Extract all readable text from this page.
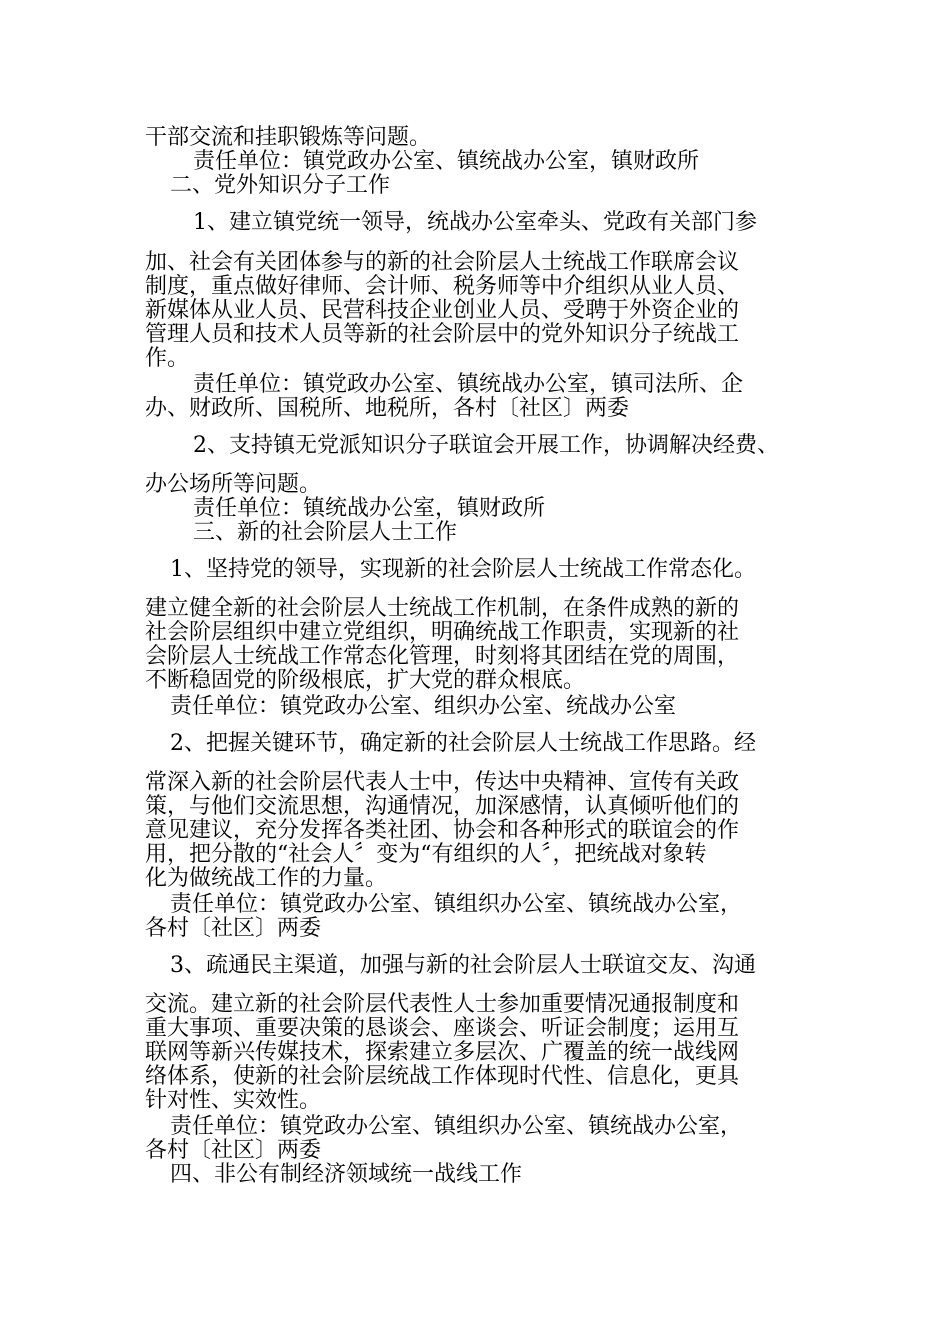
干部交流和挂职锻炼等问题。

责任单位：镇党政办公室、镇统战办公室，镇财政所

二、党外知识分子工作

1、建立镇党统一领导，统战办公室牵头、党政有关部门参

加、社会有关团体参与的新的社会阶层人士统战工作联席会议

制度，重点做好律师、会计师、税务师等中介组织从业人员、

新媒体从业人员、民营科技企业创业人员、受聘于外资企业的

管理人员和技术人员等新的社会阶层中的党外知识分子统战工

作。

责任单位：镇党政办公室、镇统战办公室，镇司法所、企

办、财政所、国税所、地税所，各村〔社区〕两委

2、支持镇无党派知识分子联谊会开展工作，协调解决经费、

办公场所等问题。

责任单位：镇统战办公室，镇财政所

三、新的社会阶层人士工作

1、坚持党的领导，实现新的社会阶层人士统战工作常态化。

建立健全新的社会阶层人士统战工作机制，在条件成熟的新的

社会阶层组织中建立党组织，明确统战工作职责，实现新的社

会阶层人士统战工作常态化管理，时刻将其团结在党的周围，

不断稳固党的阶级根底，扩大党的群众根底。

责任单位：镇党政办公室、组织办公室、统战办公室

2、把握关键环节，确定新的社会阶层人士统战工作思路。经

常深入新的社会阶层代表人士中，传达中央精神、宣传有关政

策，与他们交流思想，沟通情况，加深感情，认真倾听他们的

意见建议，充分发挥各类社团、协会和各种形式的联谊会的作

用，把分散的“社会人〞变为“有组织的人〞，把统战对象转

化为做统战工作的力量。

责任单位：镇党政办公室、镇组织办公室、镇统战办公室，

各村〔社区〕两委

3、疏通民主渠道，加强与新的社会阶层人士联谊交友、沟通

交流。建立新的社会阶层代表性人士参加重要情况通报制度和

重大事项、重要决策的恳谈会、座谈会、听证会制度；运用互

联网等新兴传媒技术，探索建立多层次、广覆盖的统一战线网

络体系，使新的社会阶层统战工作体现时代性、信息化，更具

针对性、实效性。

责任单位：镇党政办公室、镇组织办公室、镇统战办公室，

各村〔社区〕两委

四、非公有制经济领域统一战线工作
